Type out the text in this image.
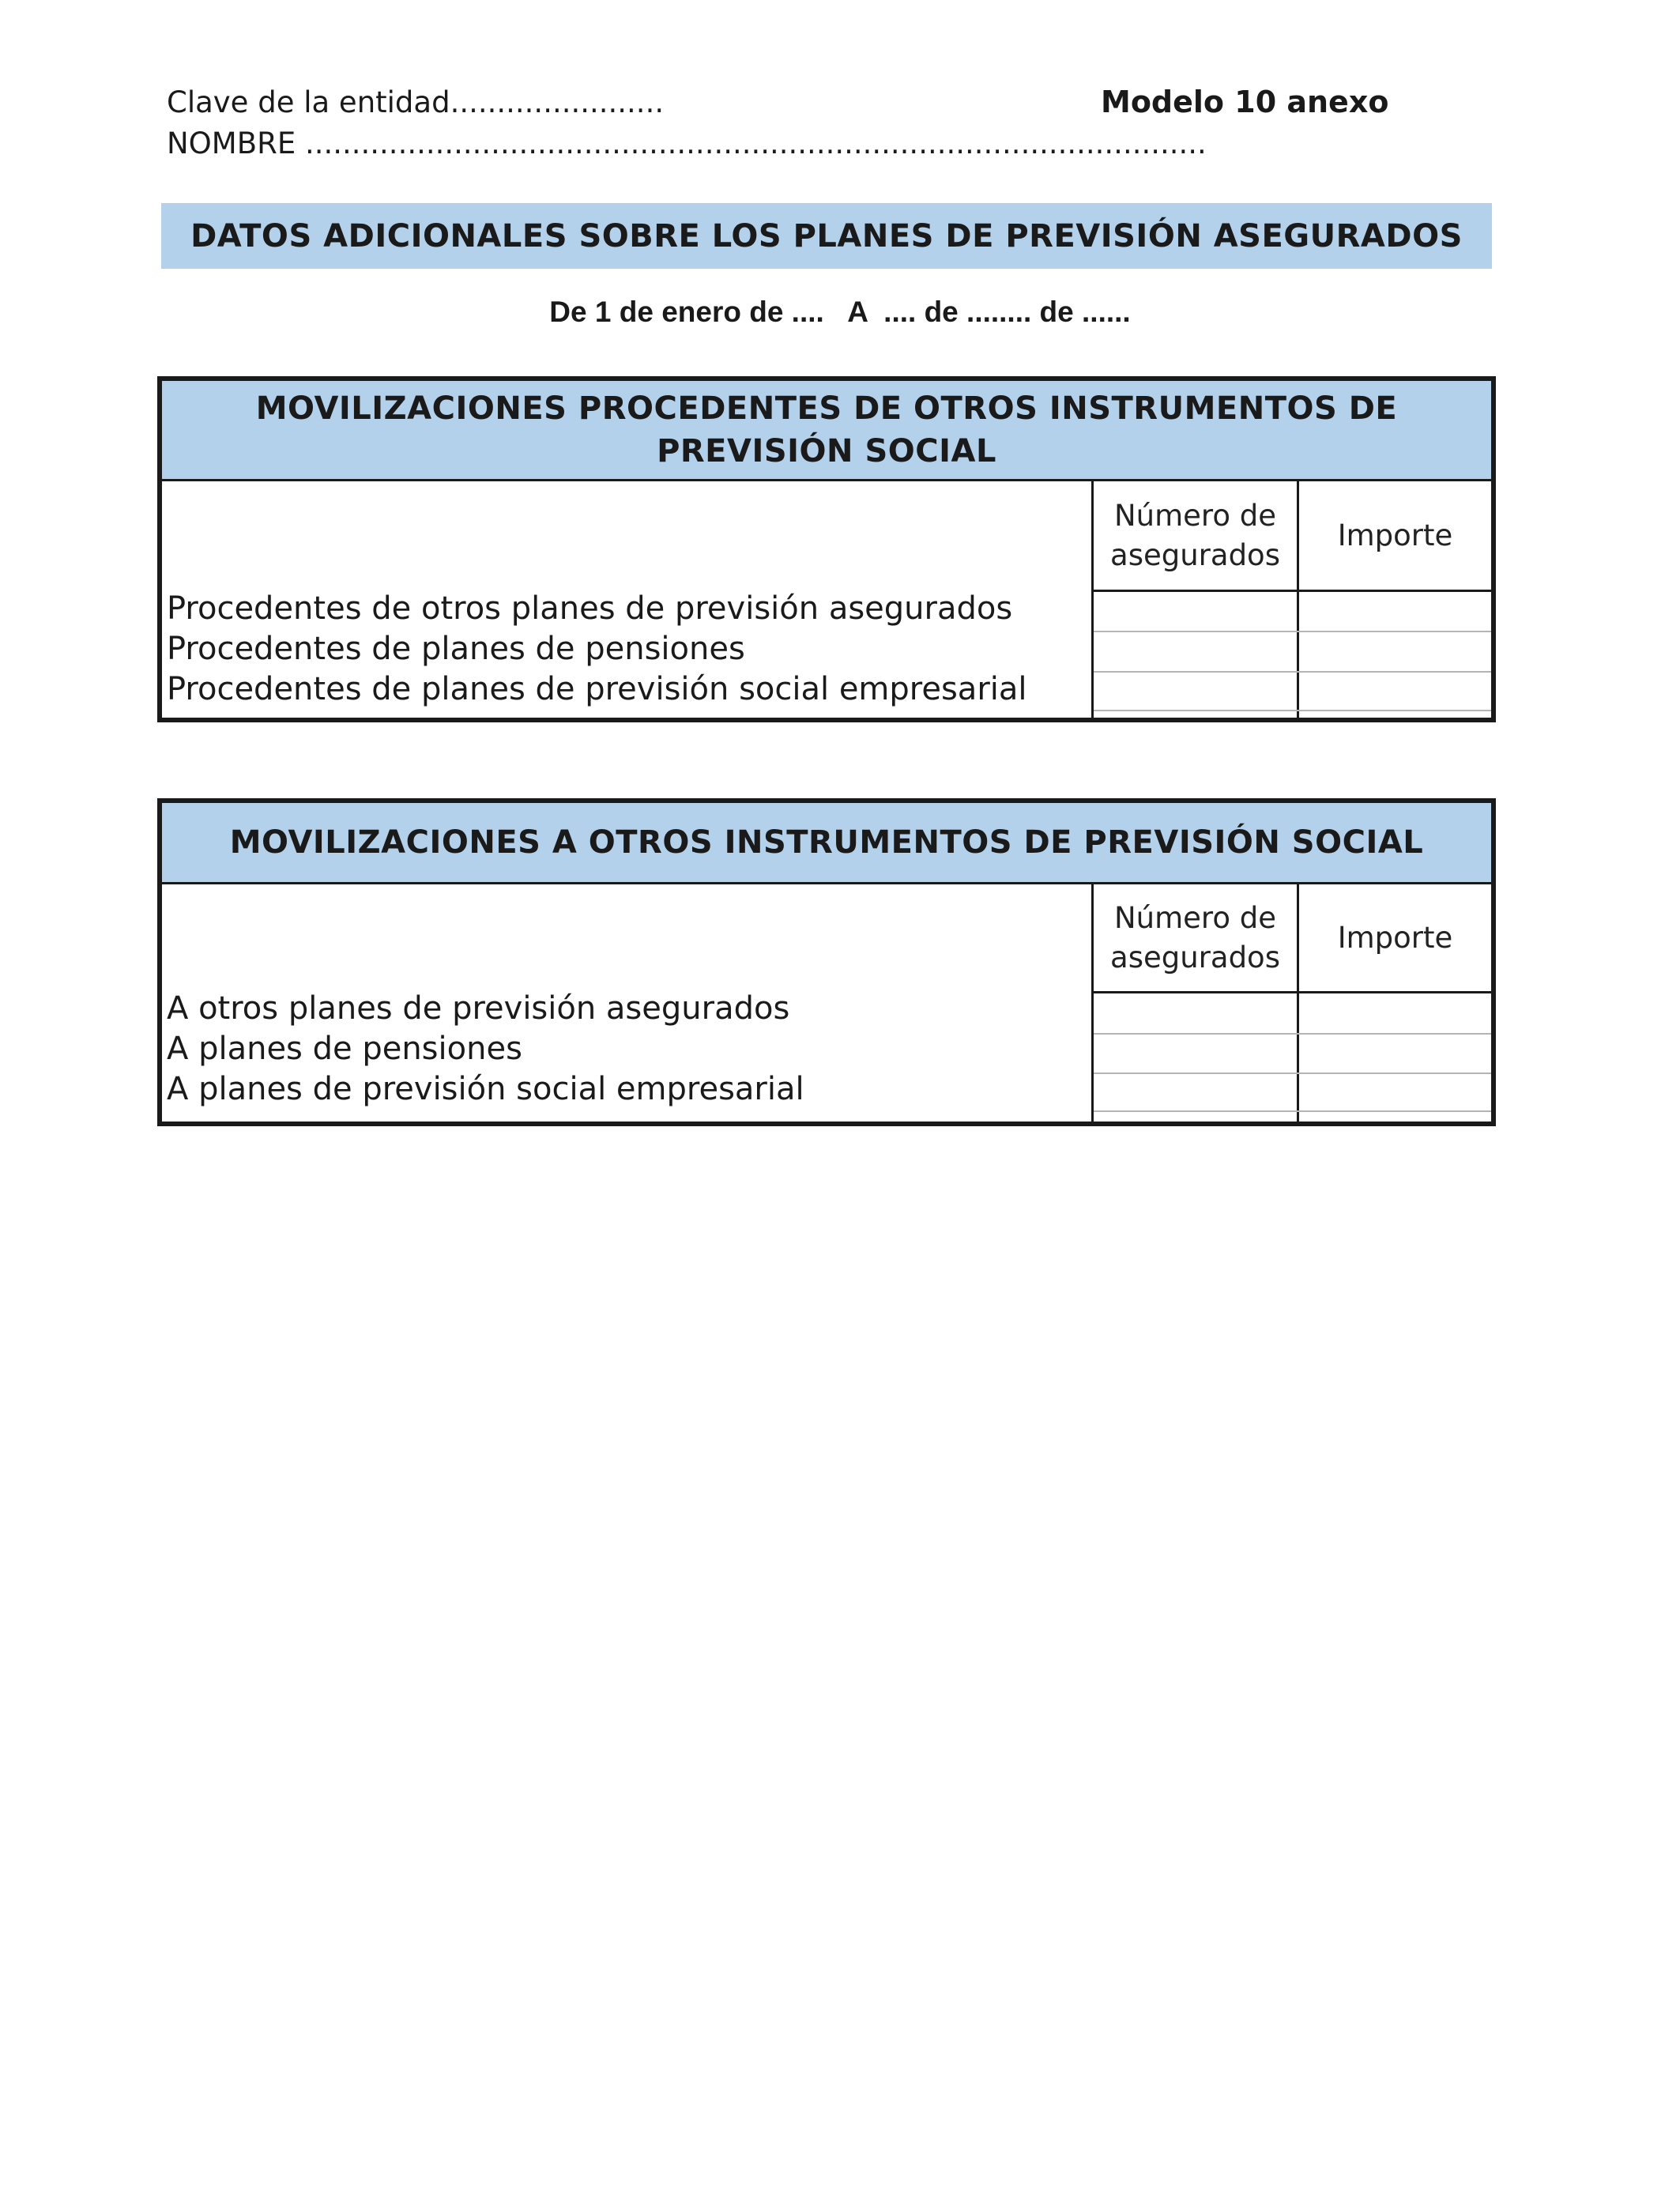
Clave de la entidad.......................
NOMBRE .................................................................................................
Modelo 10 anexo
DATOS ADICIONALES SOBRE LOS PLANES DE PREVISIÓN ASEGURADOS
De 1 de enero de ....   A  .... de ........ de ......
MOVILIZACIONES PROCEDENTES DE OTROS INSTRUMENTOS DE PREVISIÓN SOCIAL
Número de asegurados
Importe
Procedentes de otros planes de previsión asegurados
Procedentes de planes de pensiones
Procedentes de planes de previsión social empresarial
MOVILIZACIONES A OTROS INSTRUMENTOS DE PREVISIÓN SOCIAL
Número de asegurados
Importe
A otros planes de previsión asegurados
A planes de pensiones
A planes de previsión social empresarial
